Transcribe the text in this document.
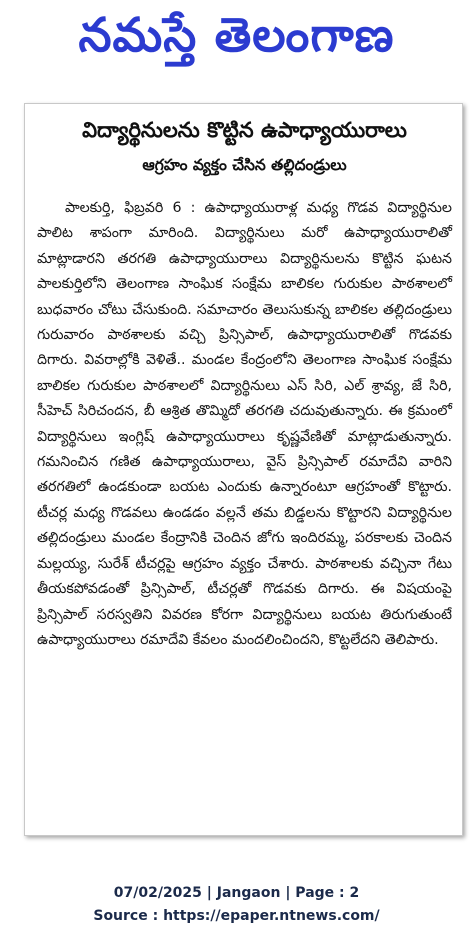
నమస్తే తెలంగాణ
విద్యార్థినులను కొట్టిన ఉపాధ్యాయురాలు
ఆగ్రహం వ్యక్తం చేసిన తల్లిదండ్రులు
పాలకుర్తి, ఫిబ్రవరి 6 : ఉపాధ్యాయురాళ్ల మధ్య గొడవ విద్యార్థినుల పాలిట శాపంగా మారింది. విద్యార్థినులు మరో ఉపాధ్యాయురాలితో మాట్లాడారని తరగతి ఉపాధ్యాయురాలు విద్యార్థినులను కొట్టిన ఘటన పాలకుర్తిలోని తెలంగాణ సాంఘిక సంక్షేమ బాలికల గురుకుల పాఠశాలలో బుధవారం చోటు చేసుకుంది. సమాచారం తెలుసుకున్న బాలికల తల్లిదండ్రులు గురువారం పాఠశాలకు వచ్చి ప్రిన్సిపాల్, ఉపాధ్యాయురాలితో గొడవకు దిగారు. వివరాల్లోకి వెళితే.. మండల కేంద్రంలోని తెలంగాణ సాంఘిక సంక్షేమ బాలికల గురుకుల పాఠశాలలో విద్యార్థినులు ఎస్ సిరి, ఎల్ శ్రావ్య, జే సిరి, సీహెచ్ సిరిచందన, బీ ఆశ్రిత తొమ్మిదో తరగతి చదువుతున్నారు. ఈ క్రమంలో విద్యార్థినులు ఇంగ్లిష్ ఉపాధ్యాయురాలు కృష్ణవేణితో మాట్లాడుతున్నారు. గమనించిన గణిత ఉపాధ్యాయురాలు, వైస్ ప్రిన్సిపాల్ రమాదేవి వారిని తరగతిలో ఉండకుండా బయట ఎందుకు ఉన్నారంటూ ఆగ్రహంతో కొట్టారు. టీచర్ల మధ్య గొడవలు ఉండడం వల్లనే తమ బిడ్డలను కొట్టారని విద్యార్థినుల తల్లిదండ్రులు మండల కేంద్రానికి చెందిన జోగు ఇందిరమ్మ, పరకాలకు చెందిన మల్లయ్య, సురేశ్ టీచర్లపై ఆగ్రహం వ్యక్తం చేశారు. పాఠశాలకు వచ్చినా గేటు తీయకపోవడంతో ప్రిన్సిపాల్, టీచర్లతో గొడవకు దిగారు. ఈ విషయంపై ప్రిన్సిపాల్ సరస్వతిని వివరణ కోరగా విద్యార్థినులు బయట తిరుగుతుంటే ఉపాధ్యాయురాలు రమాదేవి కేవలం మందలించిందని, కొట్టలేదని తెలిపారు.
07/02/2025 | Jangaon | Page : 2
Source : https://epaper.ntnews.com/
